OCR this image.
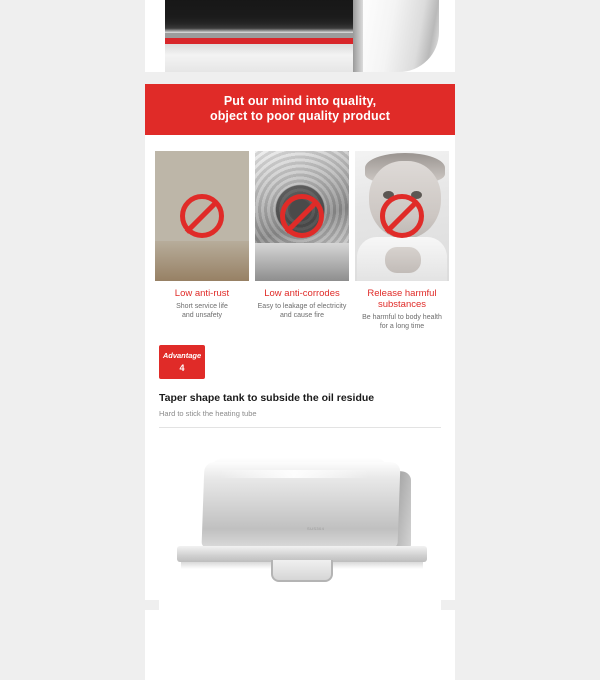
Put our mind into quality,
object to poor quality product
Low anti-rust
Short service life
and unsafety
Low anti-corrodes
Easy to leakage of electricity
and cause fire
Release harmful substances
Be harmful to body health
for a long time
Advantage
4
Taper shape tank to subside the oil residue
Hard to stick the heating tube
SUS304
